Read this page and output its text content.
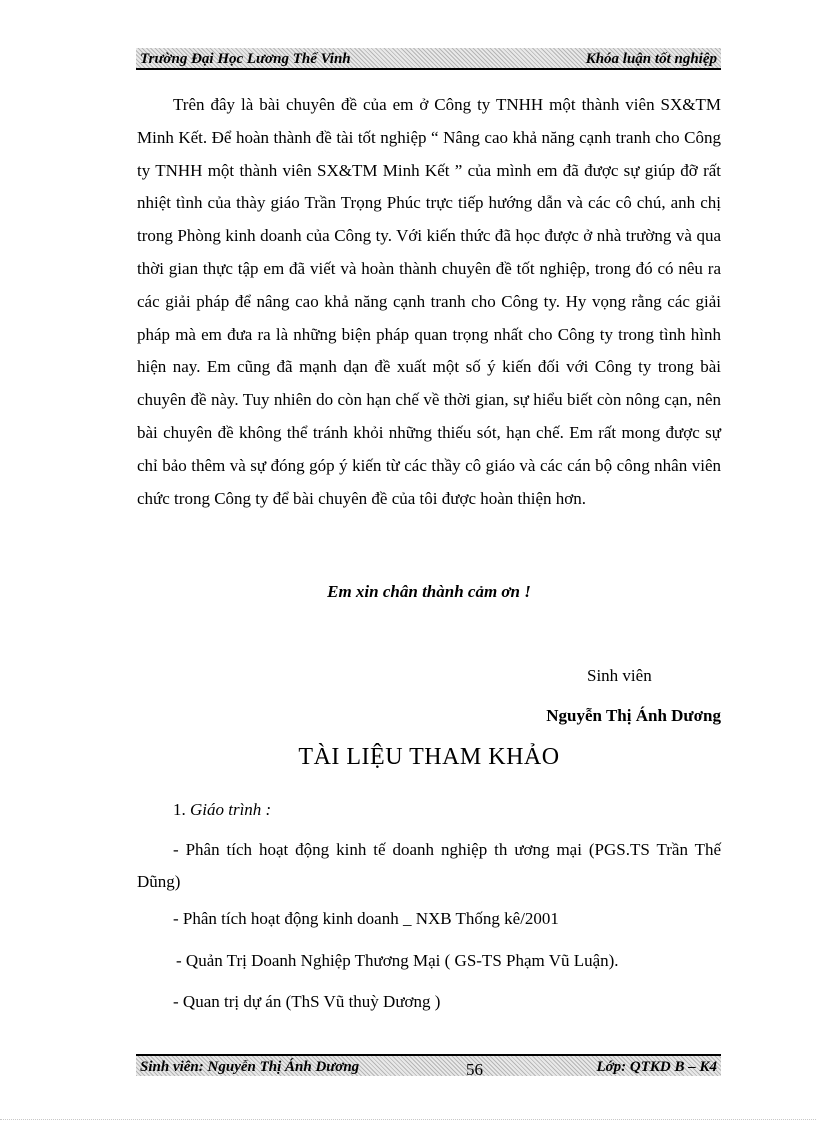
Trường Đại Học Lương Thế Vinh	Khóa luận tốt nghiệp

Trên đây là bài chuyên đề của em ở Công ty TNHH một thành viên SX&TM Minh Kết. Để hoàn thành đề tài tốt nghiệp “ Nâng cao khả năng cạnh tranh cho Công ty TNHH một thành viên SX&TM Minh Kết ” của mình em đã được sự giúp đỡ rất nhiệt tình của thày giáo Trần Trọng Phúc trực tiếp hướng dẫn và các cô chú, anh chị trong Phòng kinh doanh của Công ty. Với kiến thức đã học được ở nhà trường và qua thời gian thực tập em đã viết và hoàn thành chuyên đề tốt nghiệp, trong đó có nêu ra các giải pháp để nâng cao khả năng cạnh tranh cho Công ty. Hy vọng rằng các giải pháp mà em đưa ra là những biện pháp quan trọng nhất cho Công ty trong tình hình hiện nay. Em cũng đã mạnh dạn đề xuất một số ý kiến đối với Công ty trong bài chuyên đề này. Tuy nhiên do còn hạn chế về thời gian, sự hiểu biết còn nông cạn, nên bài chuyên đề không thể tránh khỏi những thiếu sót, hạn chế. Em rất mong được sự chỉ bảo thêm và sự đóng góp ý kiến từ các thầy cô giáo và các cán bộ công nhân viên chức trong Công ty để bài chuyên đề của tôi được hoàn thiện hơn.

Em xin chân thành cảm ơn !
Sinh viên
Nguyễn Thị Ánh Dương
TÀI LIỆU THAM KHẢO
1. Giáo trình :

- Phân tích hoạt động kinh tế doanh nghiệp th ương mại (PGS.TS Trần Thế Dũng)

- Phân tích hoạt động kinh doanh _ NXB Thống kê/2001
- Quản Trị Doanh Nghiệp Thương Mại ( GS-TS Phạm Vũ Luận).
- Quan trị dự án (ThS Vũ thuỳ Dương )
Sinh viên: Nguyễn Thị Ánh Dương	56	Lớp: QTKD B – K4
